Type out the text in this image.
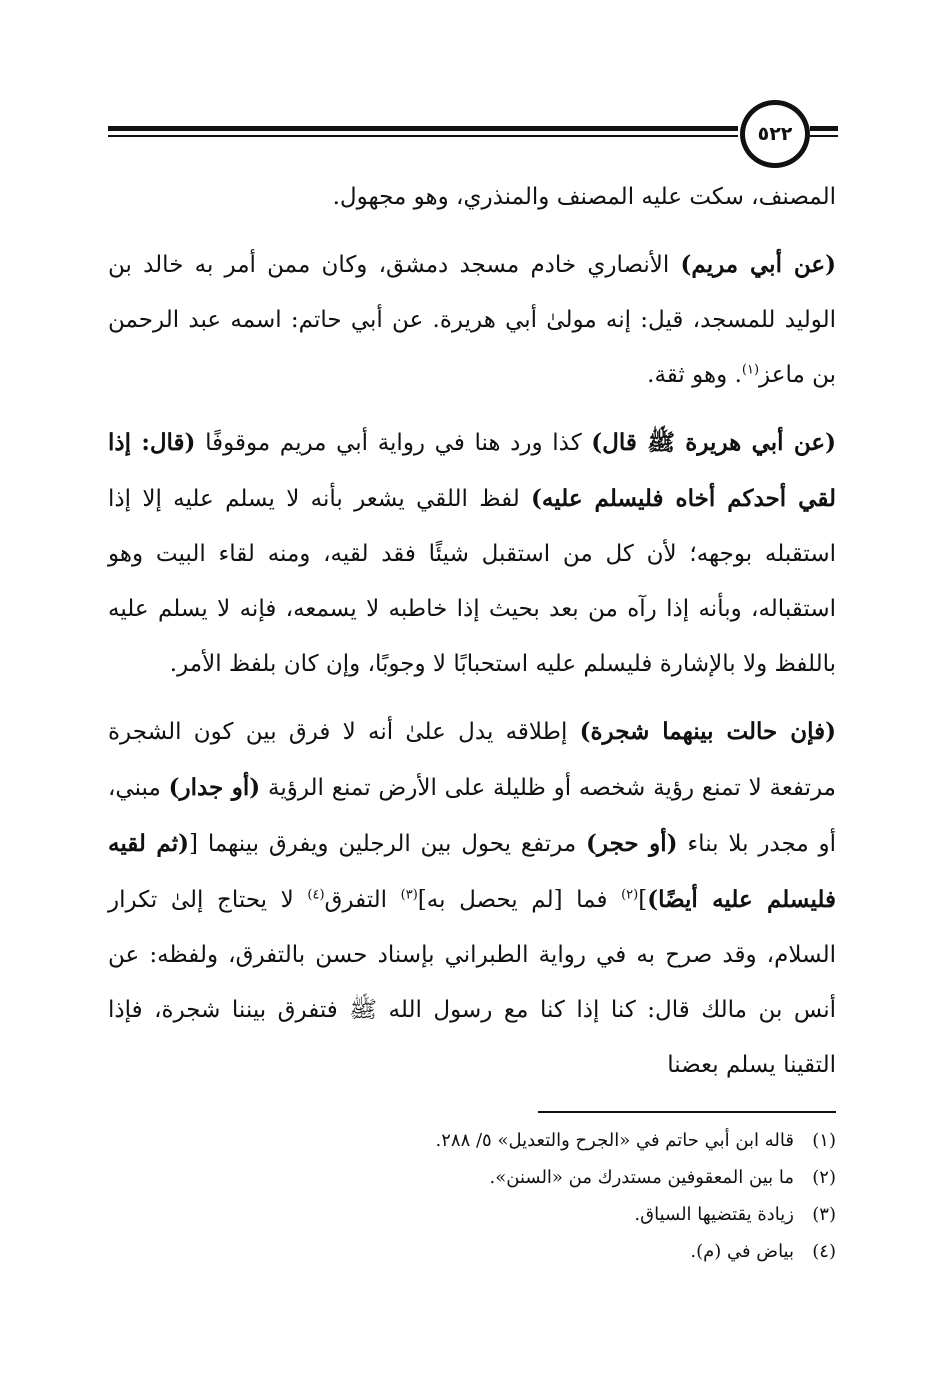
٥٢٢

المصنف، سكت عليه المصنف والمنذري، وهو مجهول.

(عن أبي مريم) الأنصاري خادم مسجد دمشق، وكان ممن أمر به خالد بن الوليد للمسجد، قيل: إنه مولىٰ أبي هريرة. عن أبي حاتم: اسمه عبد الرحمن بن ماعز$^{(١)}$. وهو ثقة.

(عن أبي هريرة ﷺ قال) كذا ورد هنا في رواية أبي مريم موقوفًا (قال: إذا لقي أحدكم أخاه فليسلم عليه) لفظ اللقي يشعر بأنه لا يسلم عليه إلا إذا استقبله بوجهه؛ لأن كل من استقبل شيئًا فقد لقيه، ومنه لقاء البيت وهو استقباله، وبأنه إذا رآه من بعد بحيث إذا خاطبه لا يسمعه، فإنه لا يسلم عليه باللفظ ولا بالإشارة فليسلم عليه استحبابًا لا وجوبًا، وإن كان بلفظ الأمر.

(فإن حالت بينهما شجرة) إطلاقه يدل علىٰ أنه لا فرق بين كون الشجرة مرتفعة لا تمنع رؤية شخصه أو ظليلة على الأرض تمنع الرؤية (أو جدار) مبني، أو مجدر بلا بناء (أو حجر) مرتفع يحول بين الرجلين ويفرق بينهما [(ثم لقيه فليسلم عليه أيضًا)]$^{(٢)}$ فما [لم يحصل به]$^{(٣)}$ التفرق$^{(٤)}$ لا يحتاج إلىٰ تكرار السلام، وقد صرح به في رواية الطبراني بإسناد حسن بالتفرق، ولفظه: عن أنس بن مالك قال: كنا إذا كنا مع رسول الله ﷺ فتفرق بيننا شجرة، فإذا التقينا يسلم بعضنا

(١)قاله ابن أبي حاتم في «الجرح والتعديل» ٥/ ٢٨٨.
(٢)ما بين المعقوفين مستدرك من «السنن».
(٣)زيادة يقتضيها السياق.
(٤)بياض في (م).
